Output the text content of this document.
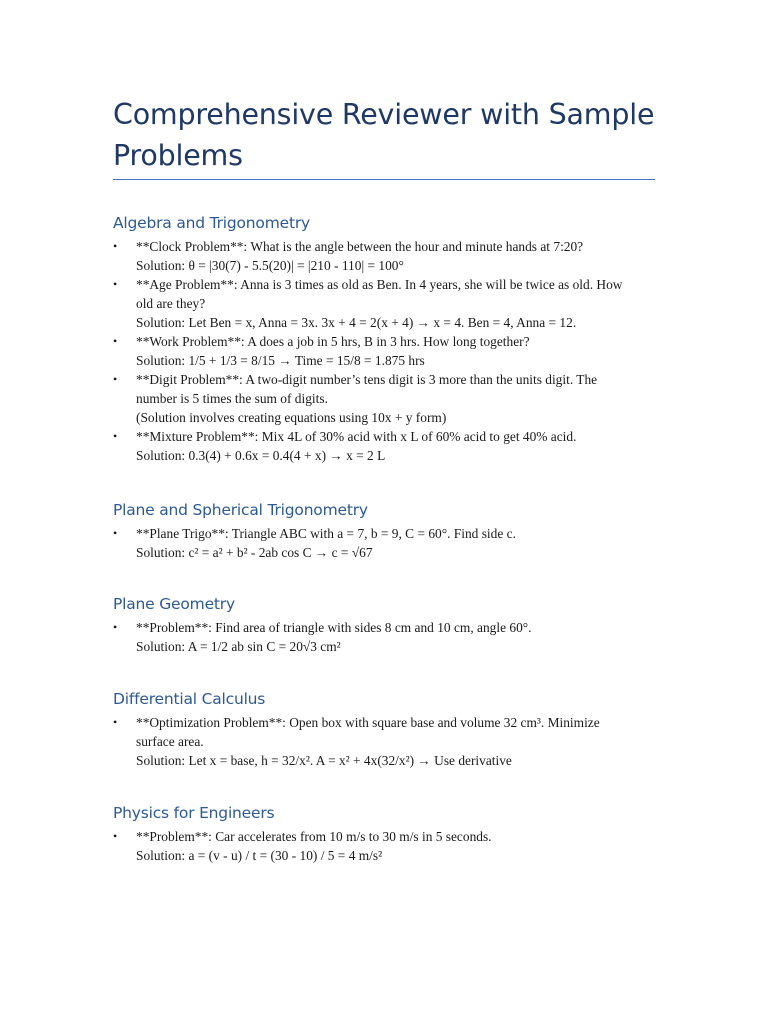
Comprehensive Reviewer with Sample
Problems
Algebra and Trigonometry
• **Clock Problem**: What is the angle between the hour and minute hands at 7:20?
Solution: θ = |30(7) - 5.5(20)| = |210 - 110| = 100°
• **Age Problem**: Anna is 3 times as old as Ben. In 4 years, she will be twice as old. How
old are they?
Solution: Let Ben = x, Anna = 3x. 3x + 4 = 2(x + 4) → x = 4. Ben = 4, Anna = 12.
• **Work Problem**: A does a job in 5 hrs, B in 3 hrs. How long together?
Solution: 1/5 + 1/3 = 8/15 → Time = 15/8 = 1.875 hrs
• **Digit Problem**: A two-digit number’s tens digit is 3 more than the units digit. The
number is 5 times the sum of digits.
(Solution involves creating equations using 10x + y form)
• **Mixture Problem**: Mix 4L of 30% acid with x L of 60% acid to get 40% acid.
Solution: 0.3(4) + 0.6x = 0.4(4 + x) → x = 2 L
Plane and Spherical Trigonometry
• **Plane Trigo**: Triangle ABC with a = 7, b = 9, C = 60°. Find side c.
Solution: c² = a² + b² - 2ab cos C → c = √67
Plane Geometry
• **Problem**: Find area of triangle with sides 8 cm and 10 cm, angle 60°.
Solution: A = 1/2 ab sin C = 20√3 cm²
Differential Calculus
• **Optimization Problem**: Open box with square base and volume 32 cm³. Minimize
surface area.
Solution: Let x = base, h = 32/x². A = x² + 4x(32/x²) → Use derivative
Physics for Engineers
• **Problem**: Car accelerates from 10 m/s to 30 m/s in 5 seconds.
Solution: a = (v - u) / t = (30 - 10) / 5 = 4 m/s²
